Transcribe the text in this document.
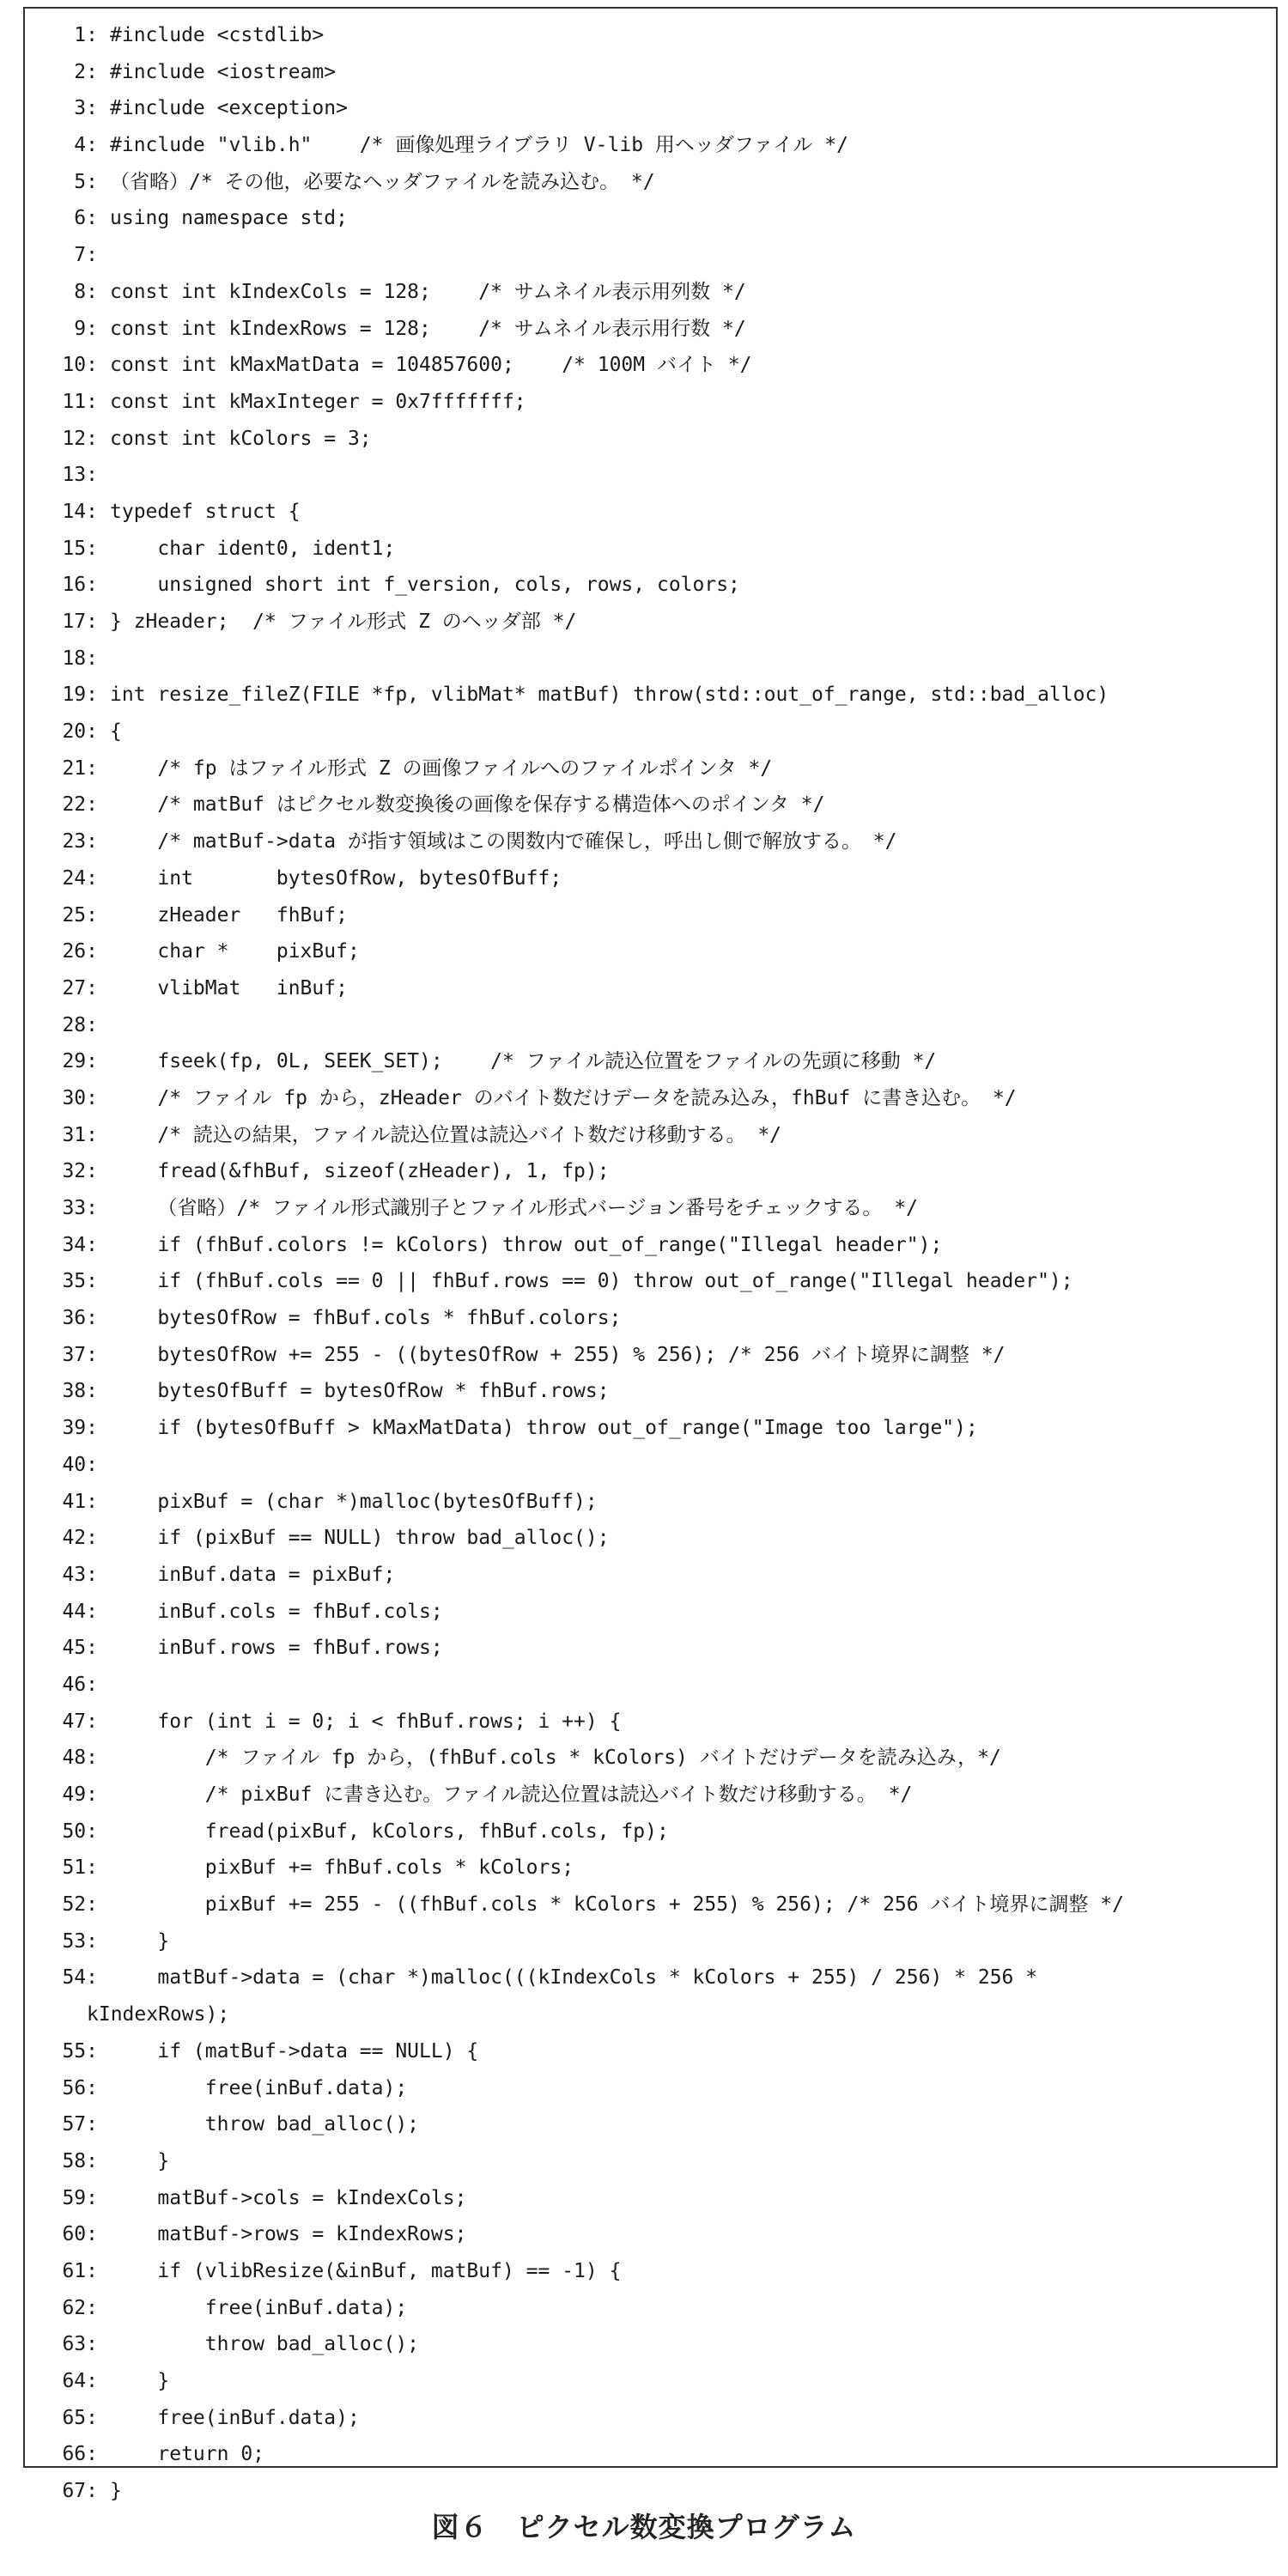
1: #include <cstdlib>
2: #include <iostream>
3: #include <exception>
4: #include "vlib.h"    /* 画像処理ライブラリ V-lib 用ヘッダファイル */
5: （省略）/* その他，必要なヘッダファイルを読み込む。 */
6: using namespace std;
7:
8: const int kIndexCols = 128;    /* サムネイル表示用列数 */
9: const int kIndexRows = 128;    /* サムネイル表示用行数 */
10: const int kMaxMatData = 104857600;    /* 100M バイト */
11: const int kMaxInteger = 0x7fffffff;
12: const int kColors = 3;
13:
14: typedef struct {
15: char ident0, ident1;
16: unsigned short int f_version, cols, rows, colors;
17: } zHeader;  /* ファイル形式 Z のヘッダ部 */
18:
19: int resize_fileZ(FILE *fp, vlibMat* matBuf) throw(std::out_of_range, std::bad_alloc)
20: {
21: /* fp はファイル形式 Z の画像ファイルへのファイルポインタ */
22: /* matBuf はピクセル数変換後の画像を保存する構造体へのポインタ */
23: /* matBuf->data が指す領域はこの関数内で確保し，呼出し側で解放する。 */
24: int       bytesOfRow, bytesOfBuff;
25: zHeader   fhBuf;
26: char *    pixBuf;
27: vlibMat   inBuf;
28:
29: fseek(fp, 0L, SEEK_SET);    /* ファイル読込位置をファイルの先頭に移動 */
30: /* ファイル fp から，zHeader のバイト数だけデータを読み込み，fhBuf に書き込む。 */
31: /* 読込の結果，ファイル読込位置は読込バイト数だけ移動する。 */
32: fread(&fhBuf, sizeof(zHeader), 1, fp);
33: （省略）/* ファイル形式識別子とファイル形式バージョン番号をチェックする。 */
34: if (fhBuf.colors != kColors) throw out_of_range("Illegal header");
35: if (fhBuf.cols == 0 || fhBuf.rows == 0) throw out_of_range("Illegal header");
36: bytesOfRow = fhBuf.cols * fhBuf.colors;
37: bytesOfRow += 255 - ((bytesOfRow + 255) % 256); /* 256 バイト境界に調整 */
38: bytesOfBuff = bytesOfRow * fhBuf.rows;
39: if (bytesOfBuff > kMaxMatData) throw out_of_range("Image too large");
40:
41: pixBuf = (char *)malloc(bytesOfBuff);
42: if (pixBuf == NULL) throw bad_alloc();
43: inBuf.data = pixBuf;
44: inBuf.cols = fhBuf.cols;
45: inBuf.rows = fhBuf.rows;
46:
47: for (int i = 0; i < fhBuf.rows; i ++) {
48: /* ファイル fp から，(fhBuf.cols * kColors) バイトだけデータを読み込み，*/
49: /* pixBuf に書き込む。ファイル読込位置は読込バイト数だけ移動する。 */
50: fread(pixBuf, kColors, fhBuf.cols, fp);
51: pixBuf += fhBuf.cols * kColors;
52: pixBuf += 255 - ((fhBuf.cols * kColors + 255) % 256); /* 256 バイト境界に調整 */
53: }
54: matBuf->data = (char *)malloc(((kIndexCols * kColors + 255) / 256) * 256 *
kIndexRows);
55: if (matBuf->data == NULL) {
56: free(inBuf.data);
57: throw bad_alloc();
58: }
59: matBuf->cols = kIndexCols;
60: matBuf->rows = kIndexRows;
61: if (vlibResize(&inBuf, matBuf) == -1) {
62: free(inBuf.data);
63: throw bad_alloc();
64: }
65: free(inBuf.data);
66: return 0;
67: }
図６　ピクセル数変換プログラム
